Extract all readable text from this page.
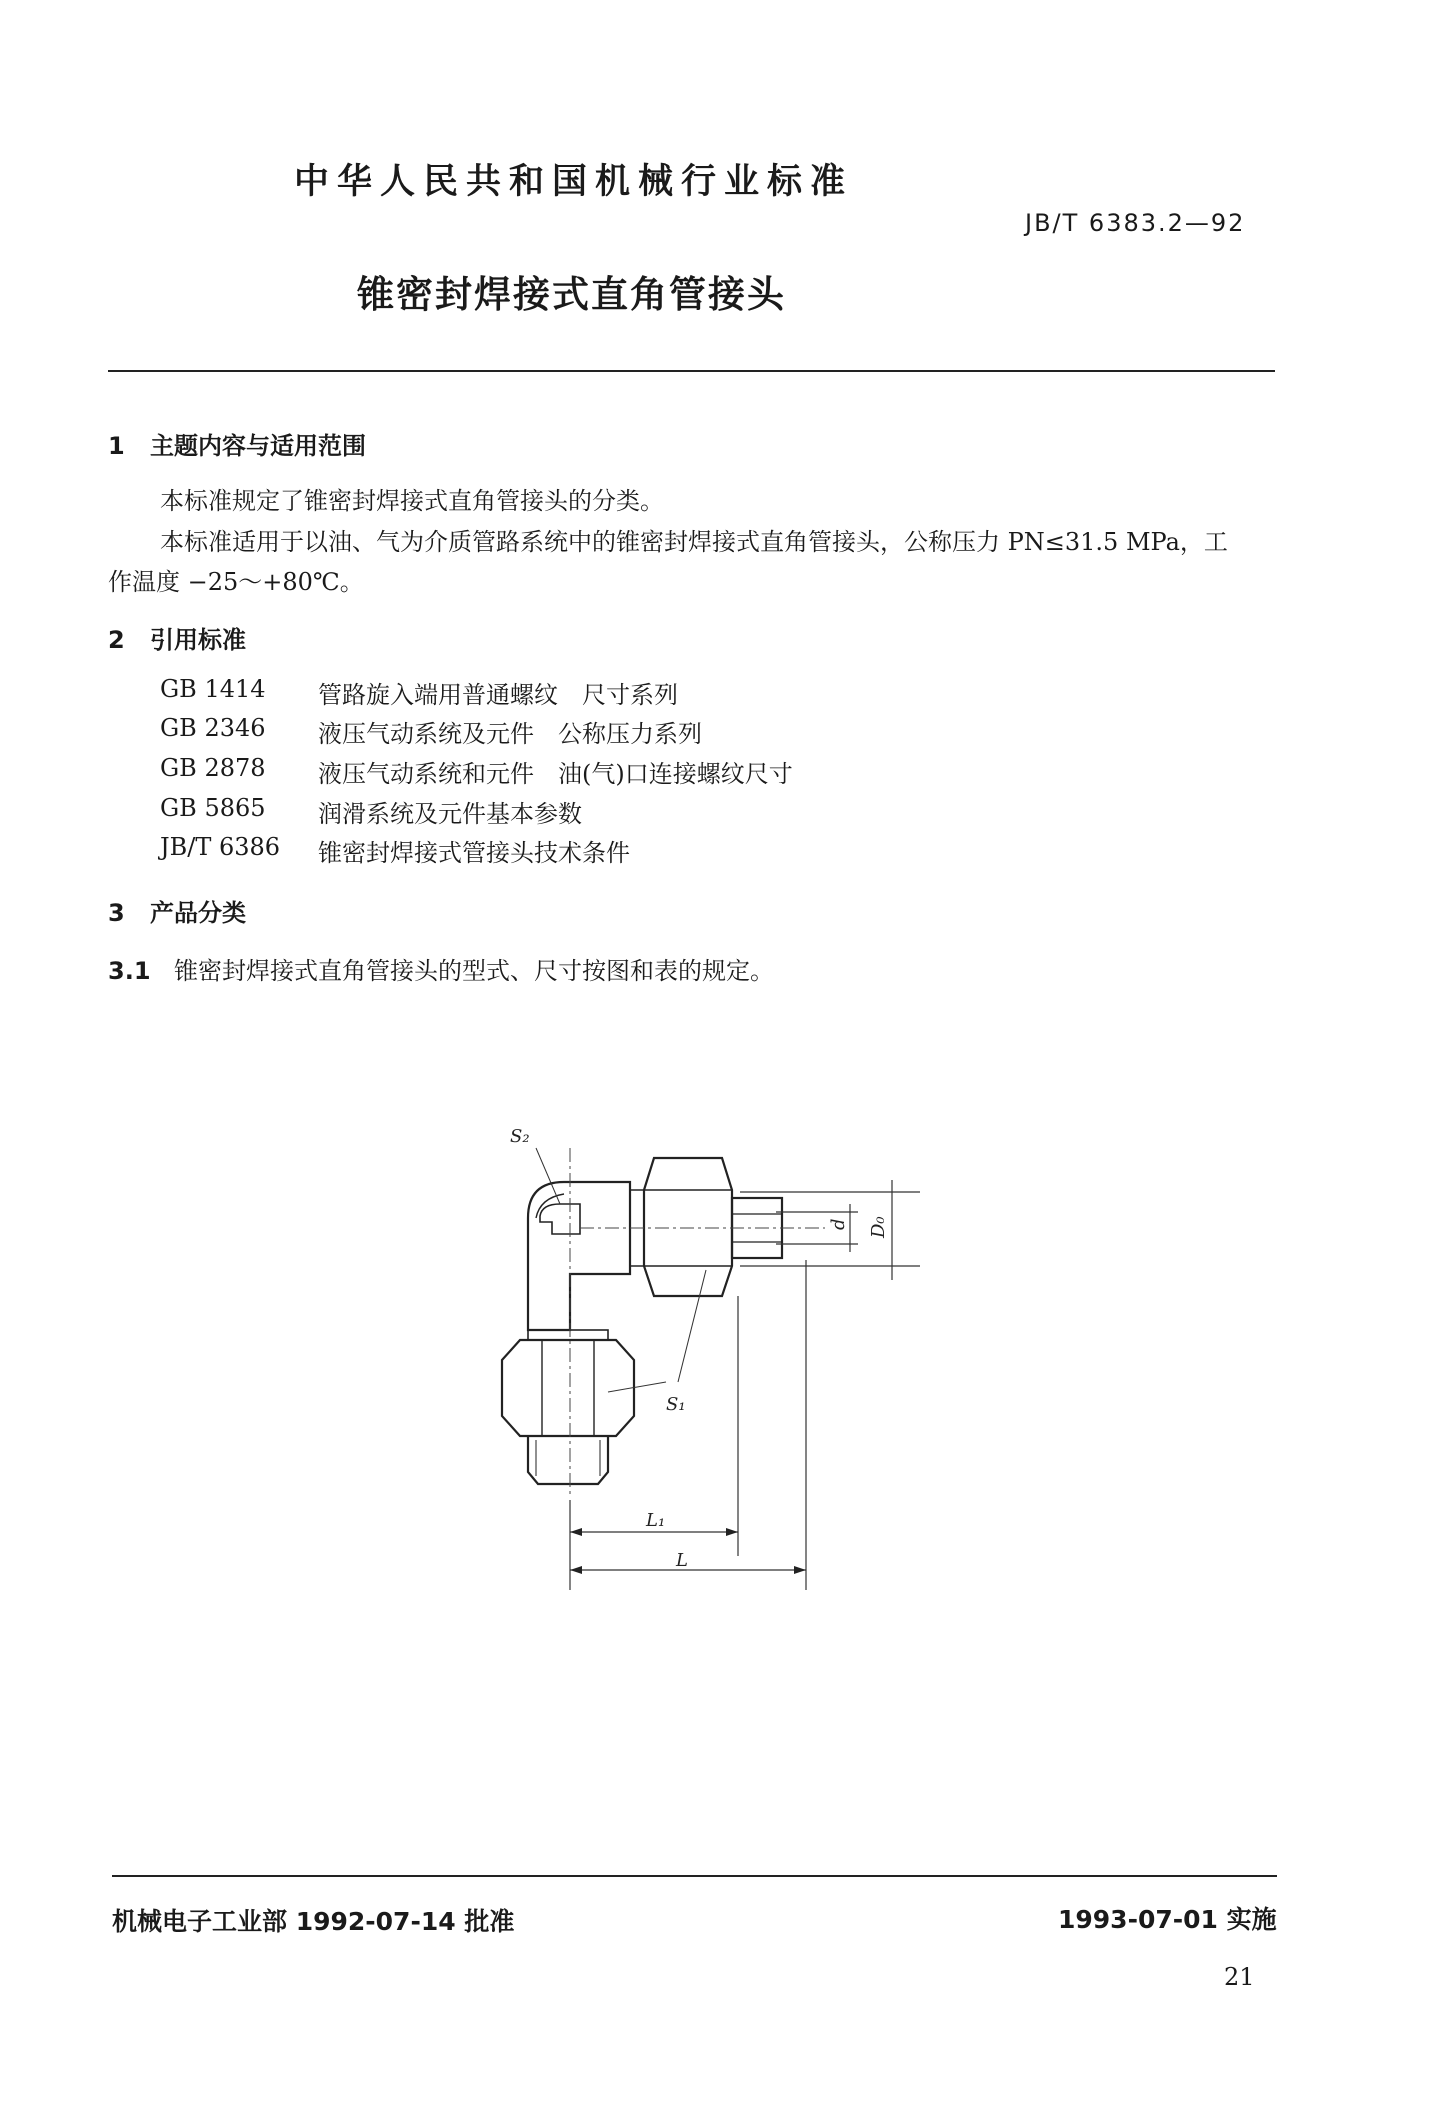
中华人民共和国机械行业标准
JB/T 6383.2—92
锥密封焊接式直角管接头
1 主题内容与适用范围
本标准规定了锥密封焊接式直角管接头的分类。
本标准适用于以油、气为介质管路系统中的锥密封焊接式直角管接头，公称压力 PN≤31.5 MPa，工
作温度 −25～+80℃。
2 引用标准
GB 1414 管路旋入端用普通螺纹　尺寸系列
GB 2346 液压气动系统及元件　公称压力系列
GB 2878 液压气动系统和元件　油(气)口连接螺纹尺寸
GB 5865 润滑系统及元件基本参数
JB/T 6386 锥密封焊接式管接头技术条件
3 产品分类
3.1 锥密封焊接式直角管接头的型式、尺寸按图和表的规定。
S₂
S₁
L₁
L
d D₀
机械电子工业部 1992-07-14 批准	1993-07-01 实施
21
